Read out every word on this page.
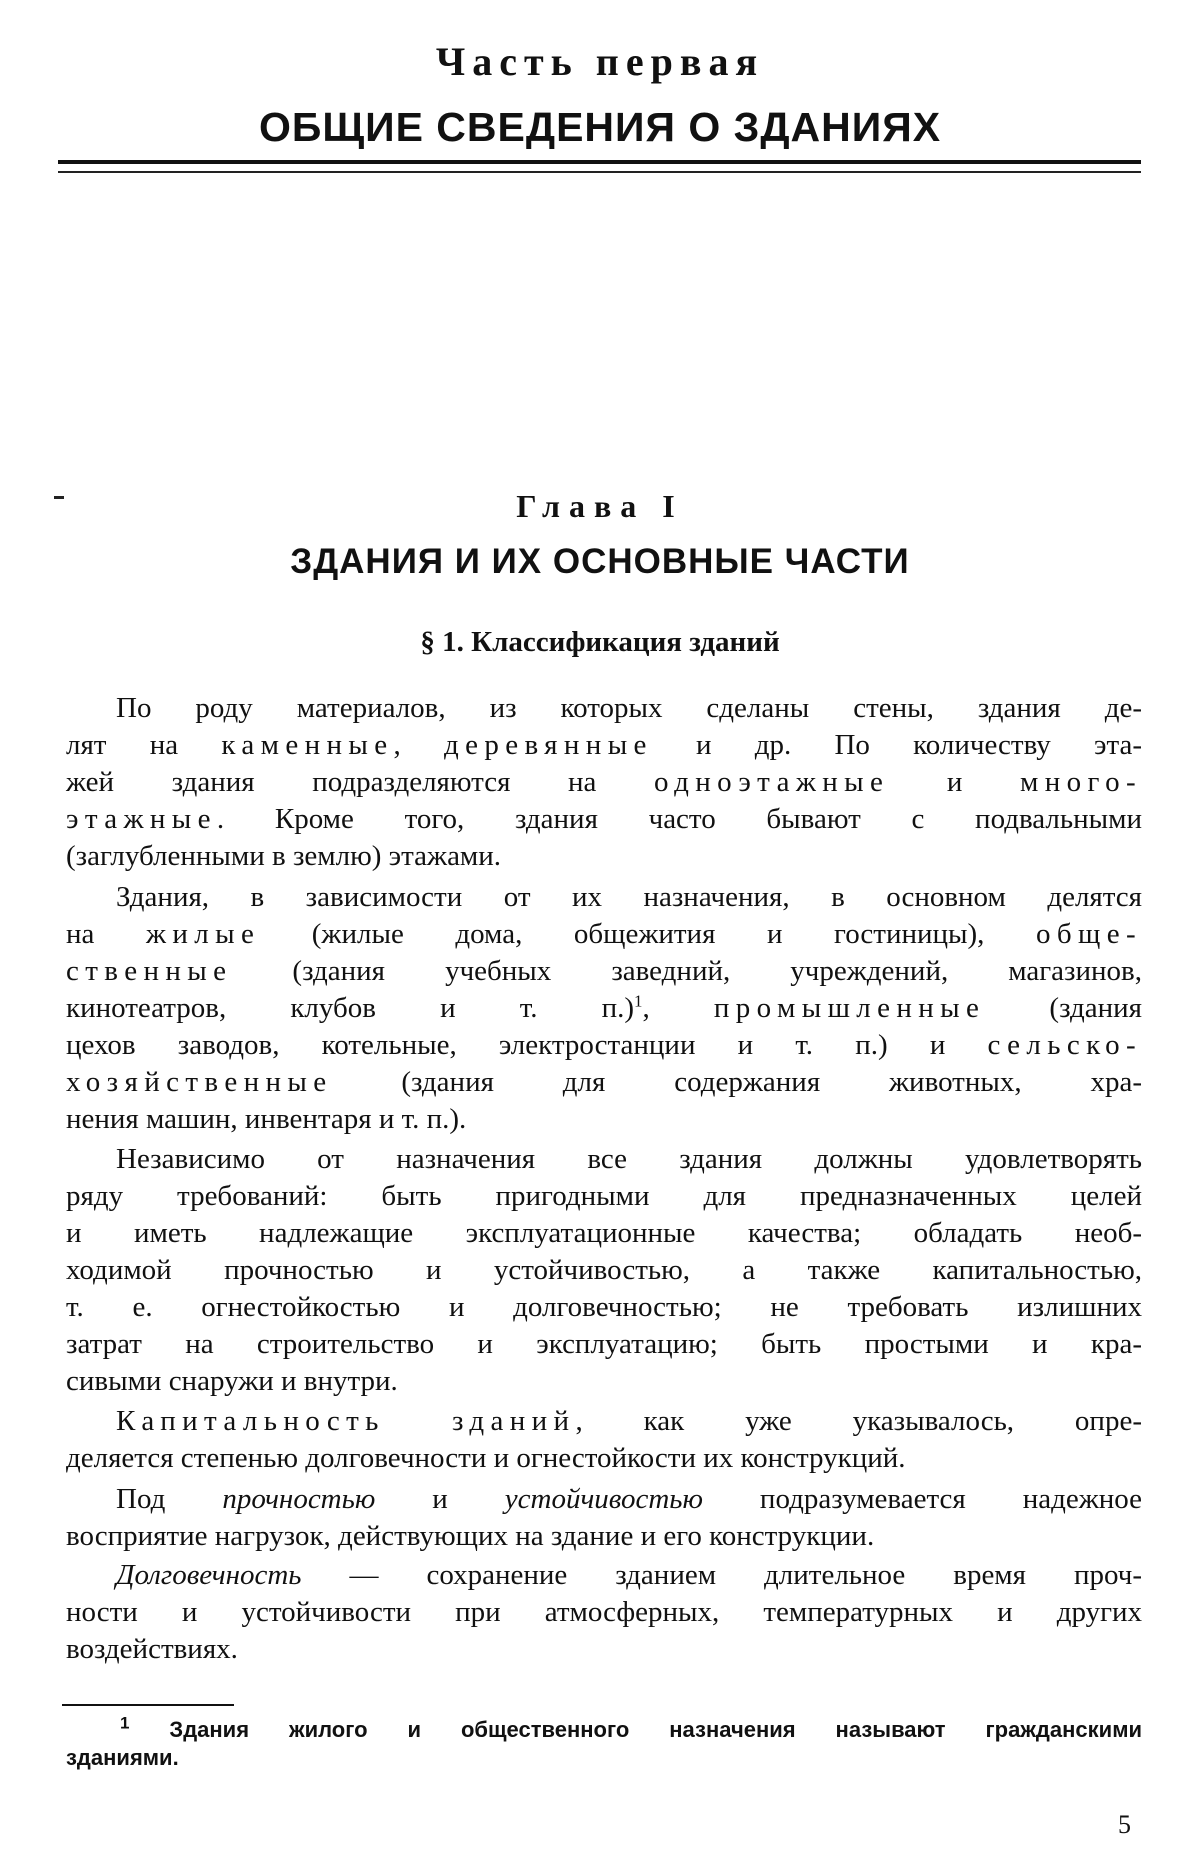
Часть первая
ОБЩИЕ СВЕДЕНИЯ О ЗДАНИЯХ
Глава I
ЗДАНИЯ И ИХ ОСНОВНЫЕ ЧАСТИ
§ 1. Классификация зданий
По роду материалов, из которых сделаны стены, здания де-
лят на каменные, деревянные и др. По количеству эта-
жей здания подразделяются на одноэтажные и много-
этажные. Кроме того, здания часто бывают с подвальными
(заглубленными в землю) этажами.
Здания, в зависимости от их назначения, в основном делятся
на жилые (жилые дома, общежития и гостиницы), обще-
ственные (здания учебных заведний, учреждений, магазинов,
кинотеатров, клубов и т. п.)$^1$, промышленные (здания
цехов заводов, котельные, электростанции и т. п.) и сельско-
хозяйственные (здания для содержания животных, хра-
нения машин, инвентаря и т. п.).
Независимо от назначения все здания должны удовлетворять
ряду требований: быть пригодными для предназначенных целей
и иметь надлежащие эксплуатационные качества; обладать необ-
ходимой прочностью и устойчивостью, а также капитальностью,
т. е. огнестойкостью и долговечностью; не требовать излишних
затрат на строительство и эксплуатацию; быть простыми и кра-
сивыми снаружи и внутри.
Капитальность зданий, как уже указывалось, опре-
деляется степенью долговечности и огнестойкости их конструкций.
Под прочностью и устойчивостью подразумевается надежное
восприятие нагрузок, действующих на здание и его конструкции.
Долговечность — сохранение зданием длительное время проч-
ности и устойчивости при атмосферных, температурных и других
воздействиях.
$^1$ Здания жилого и общественного назначения называют гражданскими
зданиями.
5
